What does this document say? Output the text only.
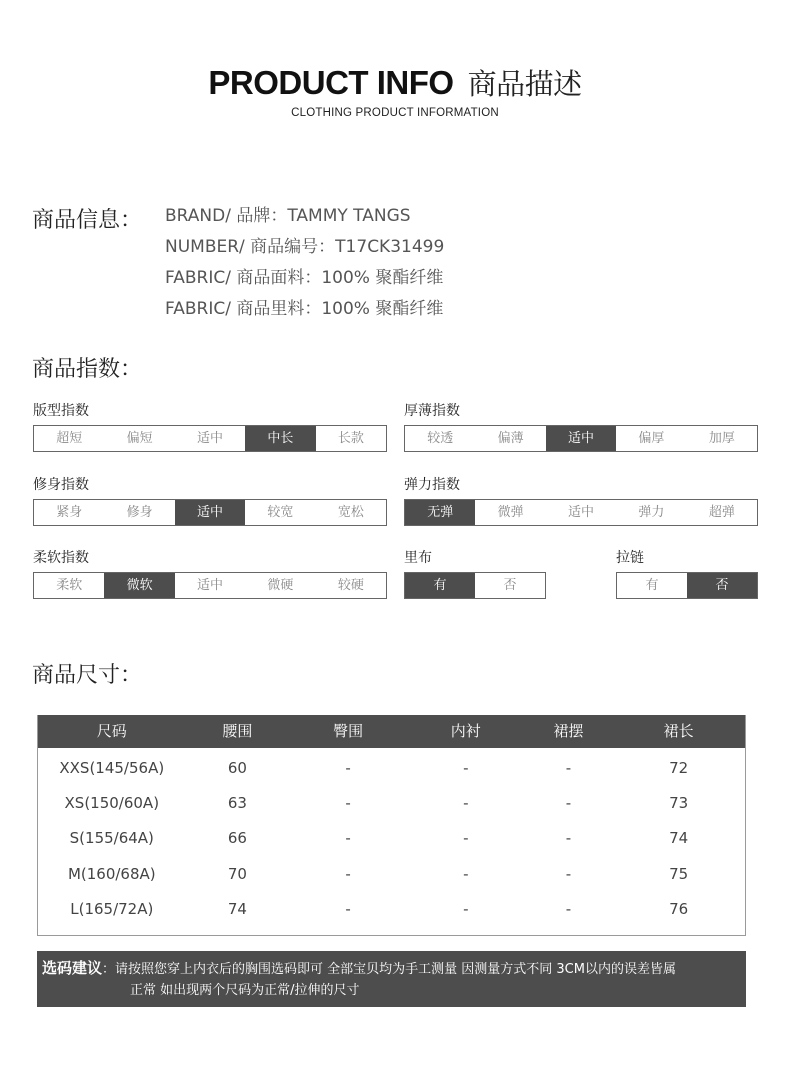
PRODUCT INFO 商品描述
CLOTHING PRODUCT INFORMATION
商品信息： BRAND/ 品牌：TAMMY TANGS
NUMBER/ 商品编号：T17CK31499
FABRIC/ 商品面料：100% 聚酯纤维
FABRIC/ 商品里料：100% 聚酯纤维
商品指数：
版型指数
超短	偏短	适中	中长	长款
厚薄指数
较透	偏薄	适中	偏厚	加厚
修身指数
紧身	修身	适中	较宽	宽松
弹力指数
无弹	微弹	适中	弹力	超弹
柔软指数
柔软	微软	适中	微硬	较硬
里布
有	否
拉链
有	否
商品尺寸：
尺码	腰围	臀围	内衬	裙摆	裙长
XXS(145/56A)	60	-	-	-	72
XS(150/60A)	63	-	-	-	73
S(155/64A)	66	-	-	-	74
M(160/68A)	70	-	-	-	75
L(165/72A)	74	-	-	-	76
选码建议：请按照您穿上内衣后的胸围选码即可 全部宝贝均为手工测量 因测量方式不同 3CM以内的误差皆属
正常 如出现两个尺码为正常/拉伸的尺寸
